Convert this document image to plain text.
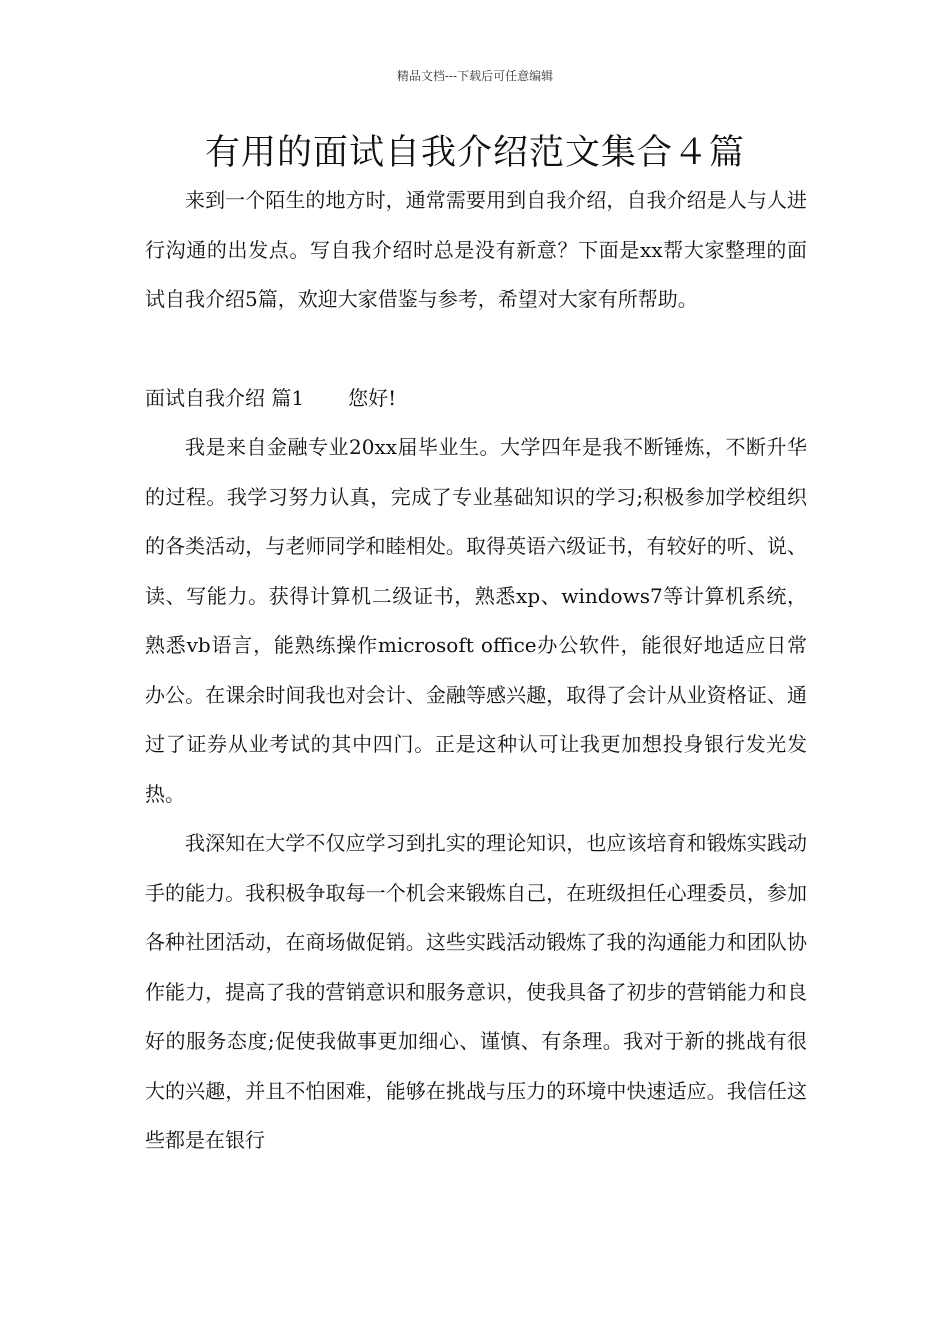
精品文档---下载后可任意编辑
有用的面试自我介绍范文集合４篇

来到一个陌生的地方时，通常需要用到自我介绍，自我介绍是人与人进行沟通的出发点。写自我介绍时总是没有新意？下面是xx帮大家整理的面试自我介绍5篇，欢迎大家借鉴与参考，希望对大家有所帮助。

面试自我介绍 篇1 您好!

我是来自金融专业20xx届毕业生。大学四年是我不断锤炼，不断升华的过程。我学习努力认真，完成了专业基础知识的学习;积极参加学校组织的各类活动，与老师同学和睦相处。取得英语六级证书，有较好的听、说、读、写能力。获得计算机二级证书，熟悉xp、windows7等计算机系统，熟悉vb语言，能熟练操作microsoft office办公软件，能很好地适应日常办公。在课余时间我也对会计、金融等感兴趣，取得了会计从业资格证、通过了证券从业考试的其中四门。正是这种认可让我更加想投身银行发光发热。

我深知在大学不仅应学习到扎实的理论知识，也应该培育和锻炼实践动手的能力。我积极争取每一个机会来锻炼自己，在班级担任心理委员，参加各种社团活动，在商场做促销。这些实践活动锻炼了我的沟通能力和团队协作能力，提高了我的营销意识和服务意识，使我具备了初步的营销能力和良好的服务态度;促使我做事更加细心、谨慎、有条理。我对于新的挑战有很大的兴趣，并且不怕困难，能够在挑战与压力的环境中快速适应。我信任这些都是在银行
